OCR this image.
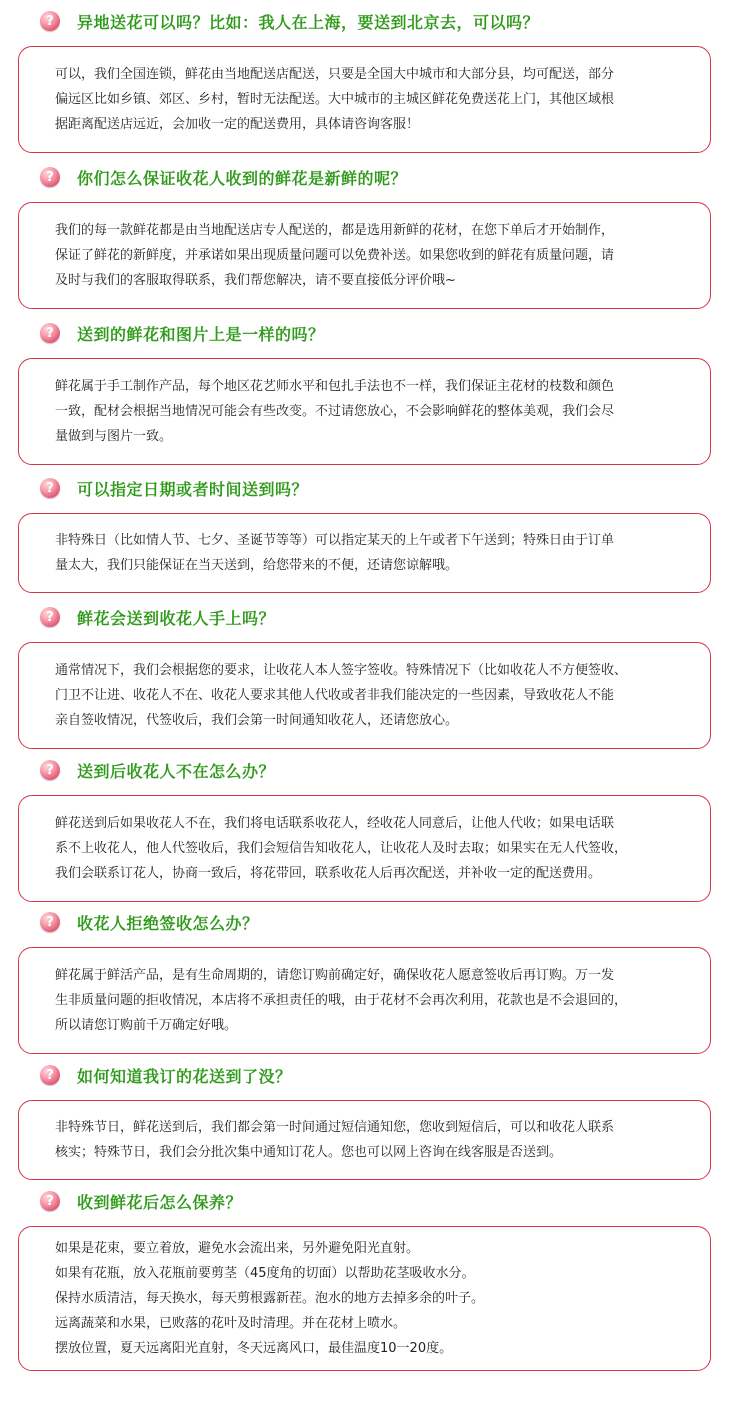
?	异地送花可以吗？比如：我人在上海，要送到北京去，可以吗？
可以，我们全国连锁，鲜花由当地配送店配送，只要是全国大中城市和大部分县，均可配送，部分
偏远区比如乡镇、郊区、乡村，暂时无法配送。大中城市的主城区鲜花免费送花上门，其他区域根
据距离配送店远近，会加收一定的配送费用，具体请咨询客服！
?	你们怎么保证收花人收到的鲜花是新鲜的呢？
我们的每一款鲜花都是由当地配送店专人配送的，都是选用新鲜的花材，在您下单后才开始制作，
保证了鲜花的新鲜度，并承诺如果出现质量问题可以免费补送。如果您收到的鲜花有质量问题，请
及时与我们的客服取得联系，我们帮您解决，请不要直接低分评价哦~
?	送到的鲜花和图片上是一样的吗？
鲜花属于手工制作产品，每个地区花艺师水平和包扎手法也不一样，我们保证主花材的枝数和颜色
一致，配材会根据当地情况可能会有些改变。不过请您放心，不会影响鲜花的整体美观，我们会尽
量做到与图片一致。
?	可以指定日期或者时间送到吗？
非特殊日（比如情人节、七夕、圣诞节等等）可以指定某天的上午或者下午送到；特殊日由于订单
量太大，我们只能保证在当天送到，给您带来的不便，还请您谅解哦。
?	鲜花会送到收花人手上吗？
通常情况下，我们会根据您的要求，让收花人本人签字签收。特殊情况下（比如收花人不方便签收、
门卫不让进、收花人不在、收花人要求其他人代收或者非我们能决定的一些因素，导致收花人不能
亲自签收情况，代签收后，我们会第一时间通知收花人，还请您放心。
?	送到后收花人不在怎么办？
鲜花送到后如果收花人不在，我们将电话联系收花人，经收花人同意后，让他人代收；如果电话联
系不上收花人，他人代签收后，我们会短信告知收花人，让收花人及时去取；如果实在无人代签收，
我们会联系订花人，协商一致后，将花带回，联系收花人后再次配送，并补收一定的配送费用。
?	收花人拒绝签收怎么办？
鲜花属于鲜活产品，是有生命周期的，请您订购前确定好，确保收花人愿意签收后再订购。万一发
生非质量问题的拒收情况，本店将不承担责任的哦，由于花材不会再次利用，花款也是不会退回的，
所以请您订购前千万确定好哦。
?	如何知道我订的花送到了没？
非特殊节日，鲜花送到后，我们都会第一时间通过短信通知您，您收到短信后，可以和收花人联系
核实；特殊节日，我们会分批次集中通知订花人。您也可以网上咨询在线客服是否送到。
?	收到鲜花后怎么保养？
如果是花束，要立着放，避免水会流出来，另外避免阳光直射。
如果有花瓶，放入花瓶前要剪茎（45度角的切面）以帮助花茎吸收水分。
保持水质清洁，每天换水，每天剪根露新茬。泡水的地方去掉多余的叶子。
远离蔬菜和水果，已败落的花叶及时清理。并在花材上喷水。
摆放位置，夏天远离阳光直射，冬天远离风口，最佳温度10一20度。
